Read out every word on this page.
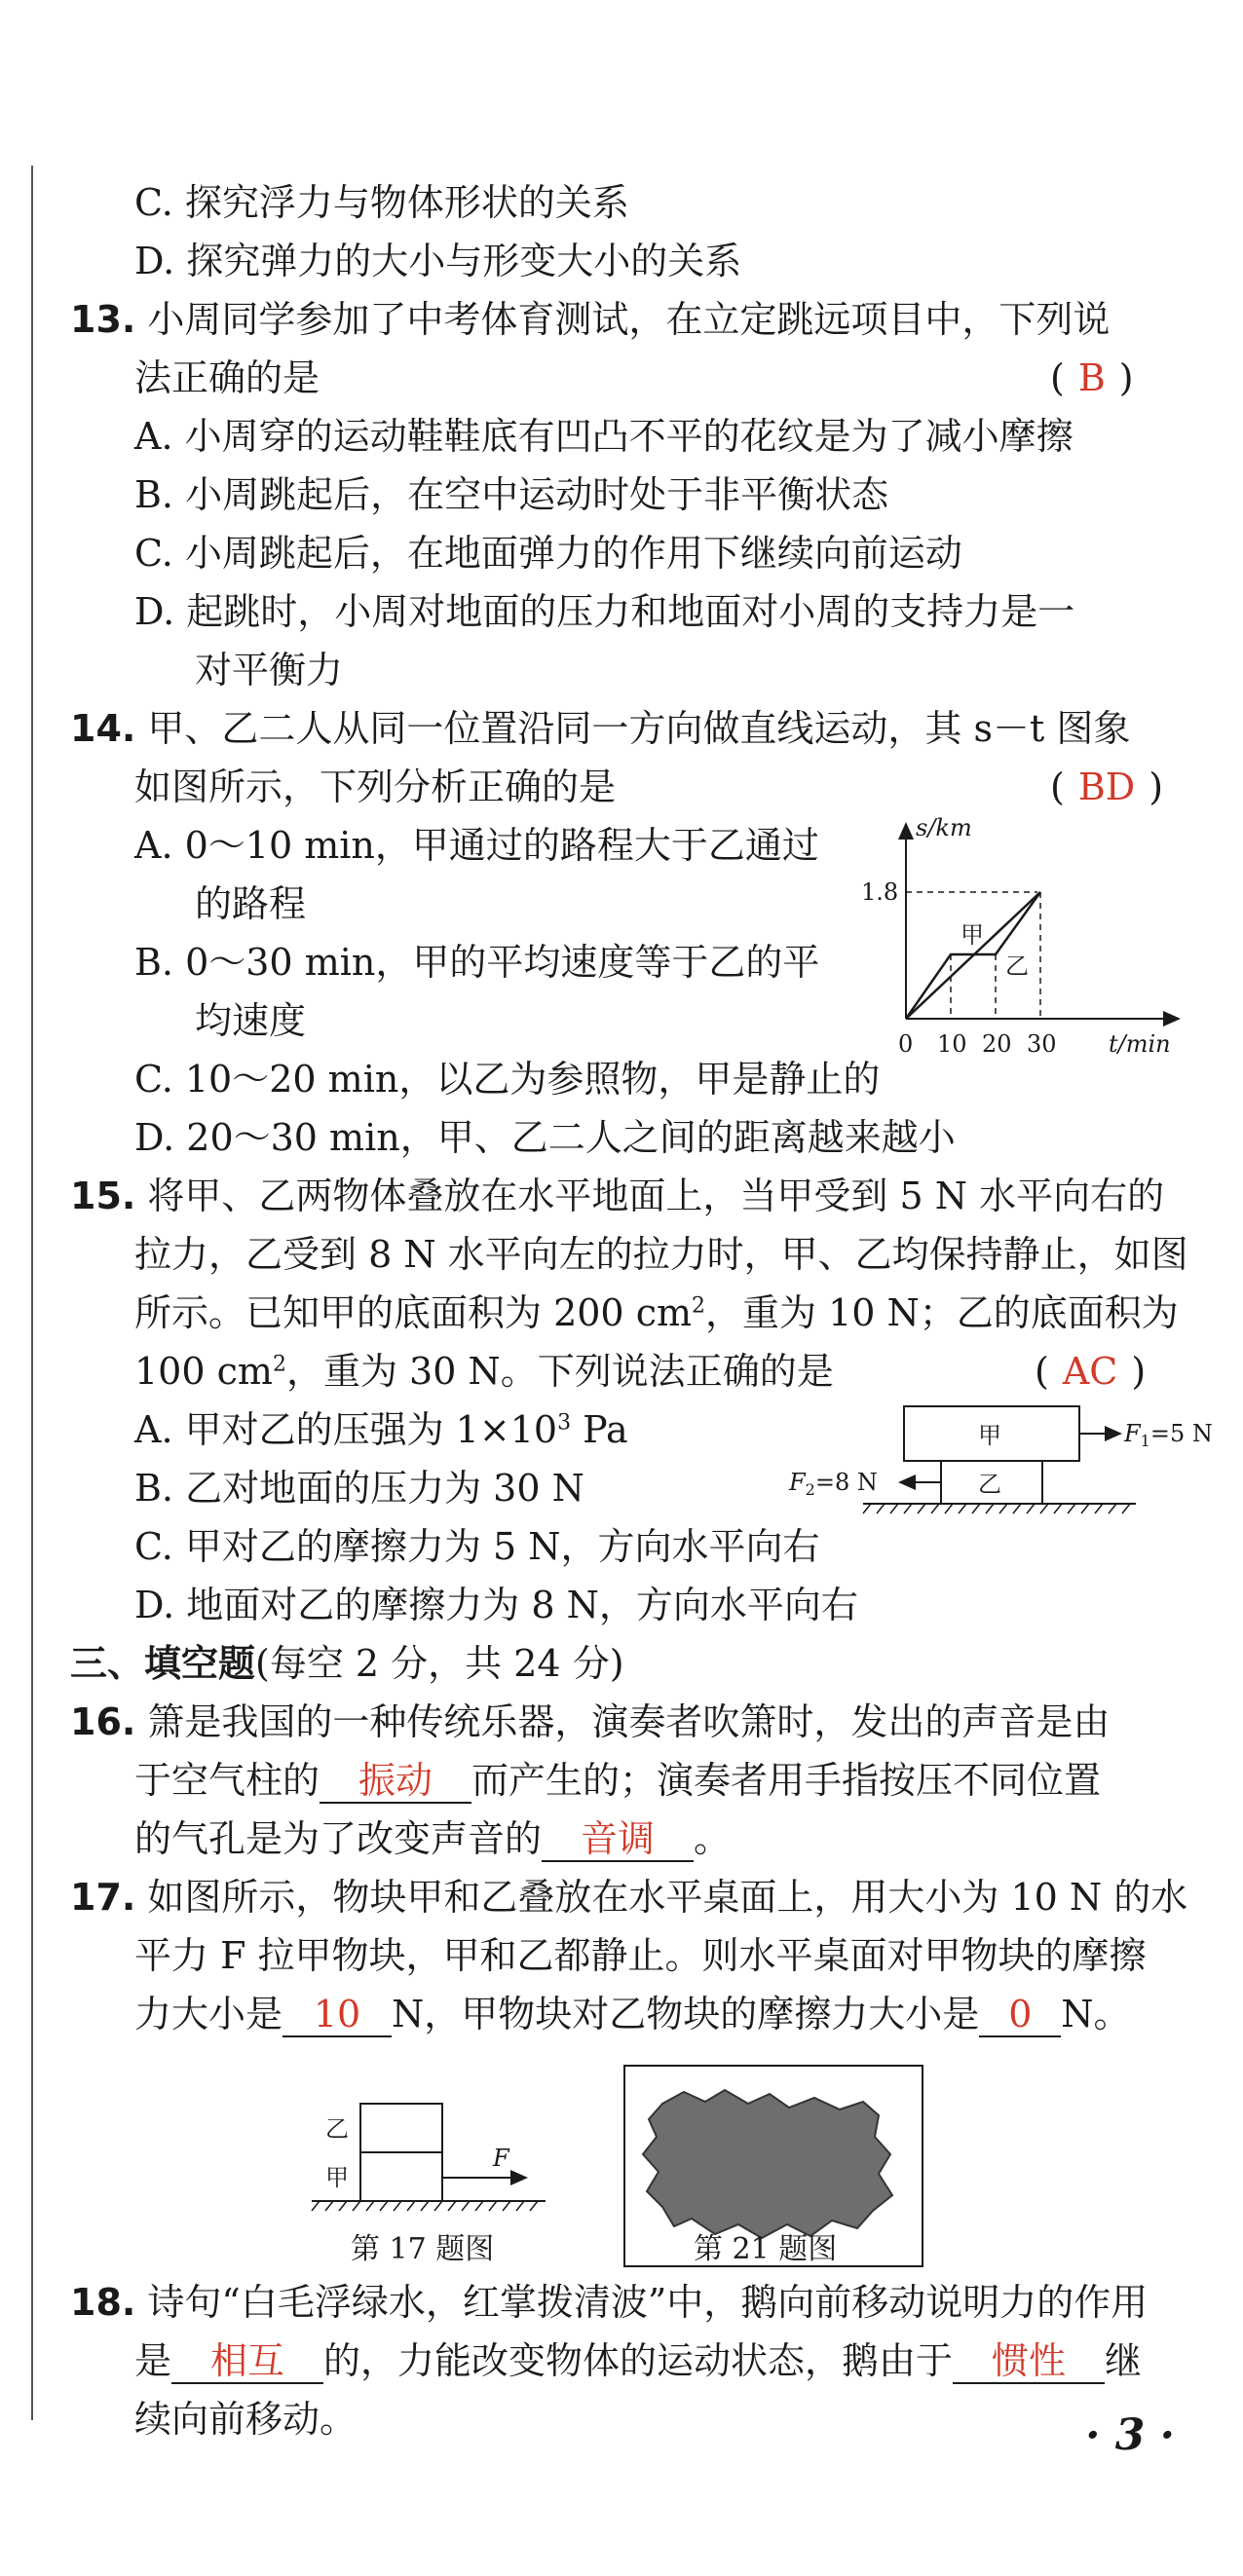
C. 探究浮力与物体形状的关系
D. 探究弹力的大小与形变大小的关系
13. 小周同学参加了中考体育测试，在立定跳远项目中，下列说
法正确的是	( B )
A. 小周穿的运动鞋鞋底有凹凸不平的花纹是为了减小摩擦
B. 小周跳起后，在空中运动时处于非平衡状态
C. 小周跳起后，在地面弹力的作用下继续向前运动
D. 起跳时，小周对地面的压力和地面对小周的支持力是一
对平衡力
14. 甲、乙二人从同一位置沿同一方向做直线运动，其 s－t 图象
如图所示，下列分析正确的是	( BD )
A. 0～10 min，甲通过的路程大于乙通过
的路程
B. 0～30 min，甲的平均速度等于乙的平
均速度
C. 10～20 min，以乙为参照物，甲是静止的
D. 20～30 min，甲、乙二人之间的距离越来越小
s/km
1.8
0 10 20 30 t/min
甲
乙
15. 将甲、乙两物体叠放在水平地面上，当甲受到 5 N 水平向右的
拉力，乙受到 8 N 水平向左的拉力时，甲、乙均保持静止，如图
所示。已知甲的底面积为 200 $cm^2$，重为 10 N；乙的底面积为
100 $cm^2$，重为 30 N。下列说法正确的是	( AC )
A. 甲对乙的压强为 $1\times 10^3$ Pa
B. 乙对地面的压力为 30 N
C. 甲对乙的摩擦力为 5 N，方向水平向右
D. 地面对乙的摩擦力为 8 N，方向水平向右
甲
乙
$F_1=5$ N
$F_2=8$ N
三、填空题(每空 2 分，共 24 分)
16. 箫是我国的一种传统乐器，演奏者吹箫时，发出的声音是由
于空气柱的 振动 而产生的；演奏者用手指按压不同位置
的气孔是为了改变声音的 音调 。
17. 如图所示，物块甲和乙叠放在水平桌面上，用大小为 10 N 的水
平力 F 拉甲物块，甲和乙都静止。则水平桌面对甲物块的摩擦
力大小是 10 N，甲物块对乙物块的摩擦力大小是 0 N。
乙
甲
F
第 17 题图	第 21 题图
18. 诗句“白毛浮绿水，红掌拨清波”中，鹅向前移动说明力的作用
是 相互 的，力能改变物体的运动状态，鹅由于 惯性 继
续向前移动。	· 3 ·
